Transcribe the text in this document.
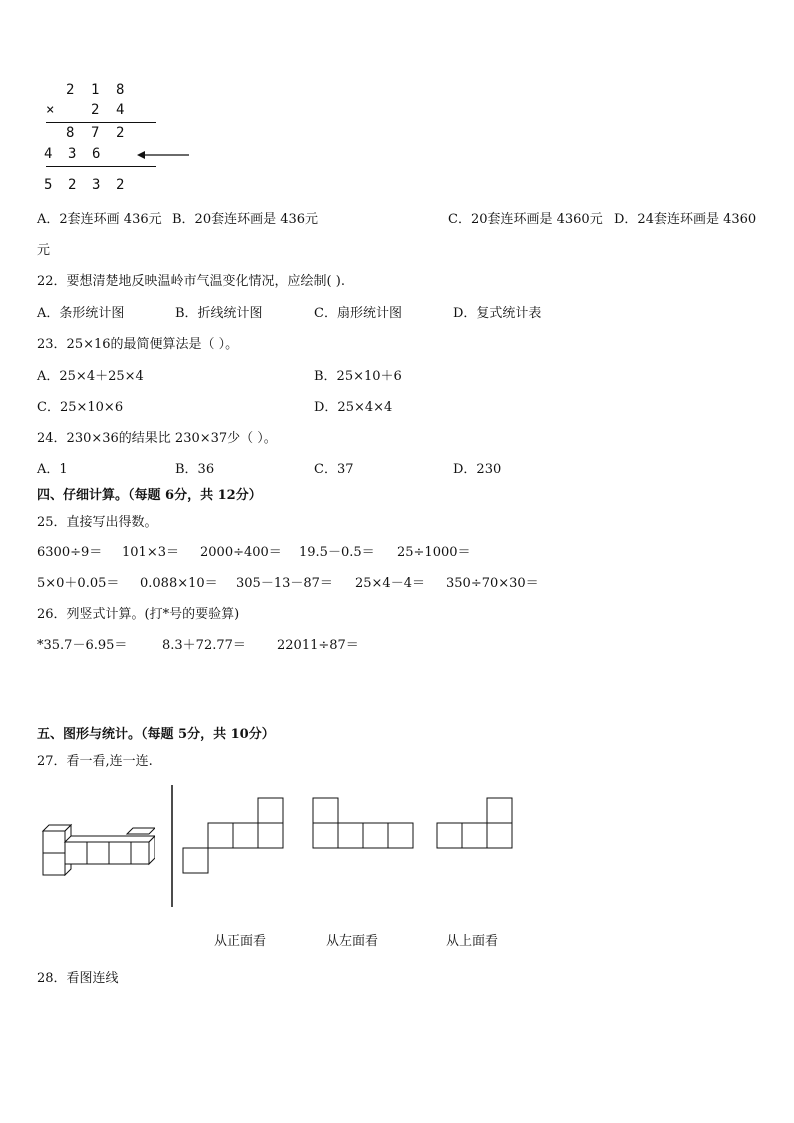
2 1 8
×	2 4
8 7 2
4 3 6
5 2 3 2
A．2套连环画 436元 B．20套连环画是 436元	C．20套连环画是 4360元 D．24套连环画是 4360
元
22．要想清楚地反映温岭市气温变化情况，应绘制( ).
A．条形统计图	B．折线统计图	C．扇形统计图	D．复式统计表
23．25×16的最简便算法是（ ）。
A．25×4＋25×4	B．25×10＋6
C．25×10×6	D．25×4×4
24．230×36的结果比 230×37少（ ）。
A．1	B．36	C．37	D．230
四、仔细计算。（每题 6分，共 12分）
25．直接写出得数。
6300÷9＝ 101×3＝ 2000÷400＝ 19.5－0.5＝ 25÷1000＝
5×0＋0.05＝ 0.088×10＝ 305－13－87＝ 25×4－4＝ 350÷70×30＝
26．列竖式计算。(打*号的要验算)
*35.7－6.95＝	8.3＋72.77＝ 22011÷87＝
五、图形与统计。（每题 5分，共 10分）
27．看一看,连一连.
从正面看	从左面看	从上面看
28．看图连线
